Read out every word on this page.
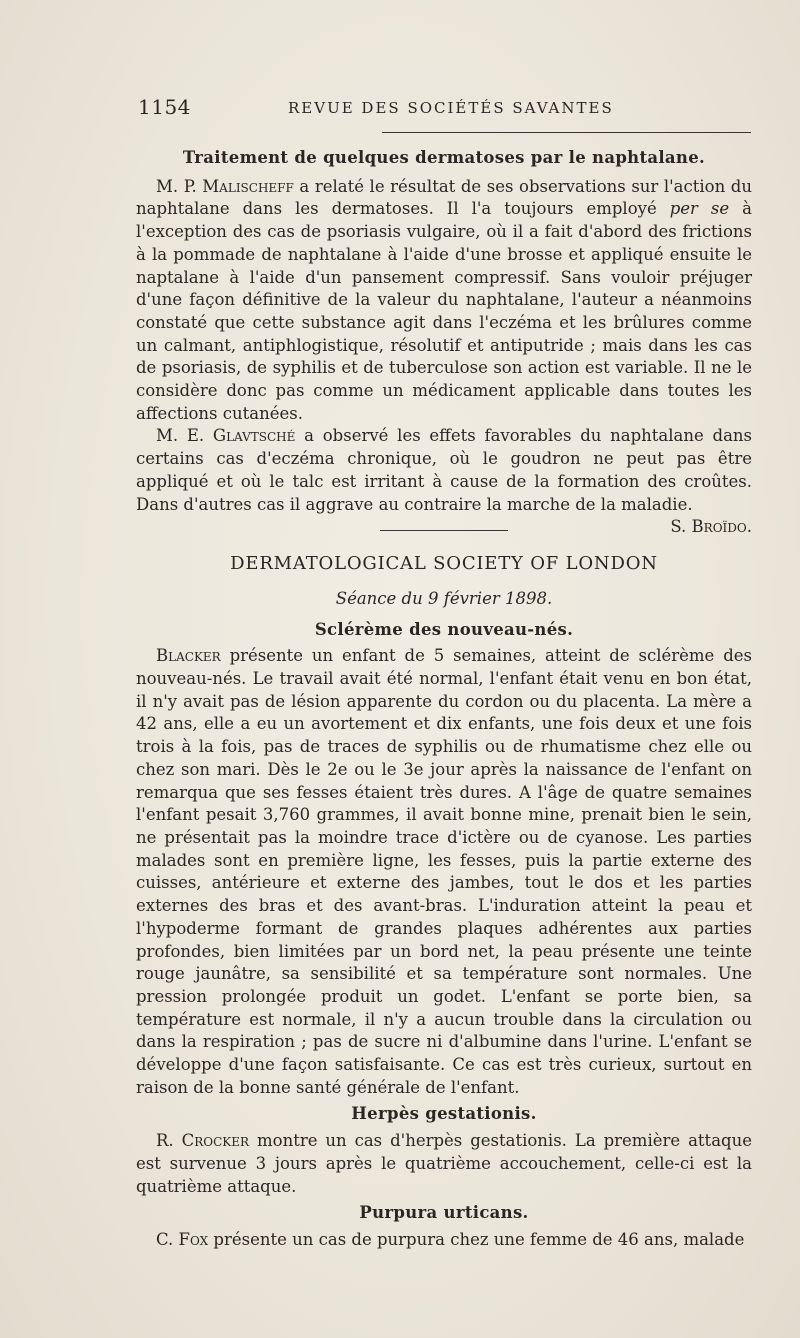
1154	REVUE DES SOCIÉTÉS SAVANTES
Traitement de quelques dermatoses par le naphtalane.

M. P. Malischeff a relaté le résultat de ses observations sur l'action du naphtalane dans les dermatoses. Il l'a toujours employé per se à l'exception des cas de psoriasis vulgaire, où il a fait d'abord des frictions à la pommade de naphtalane à l'aide d'une brosse et appliqué ensuite le naptalane à l'aide d'un pansement compressif. Sans vouloir préjuger d'une façon définitive de la valeur du naphtalane, l'auteur a néanmoins constaté que cette substance agit dans l'eczéma et les brûlures comme un calmant, antiphlogistique, résolutif et antiputride ; mais dans les cas de psoriasis, de syphilis et de tuberculose son action est variable. Il ne le considère donc pas comme un médicament applicable dans toutes les affections cutanées.

M. E. Glavtsché a observé les effets favorables du naphtalane dans certains cas d'eczéma chronique, où le goudron ne peut pas être appliqué et où le talc est irritant à cause de la formation des croûtes. Dans d'autres cas il aggrave au contraire la marche de la maladie.
S. Broïdo.

DERMATOLOGICAL SOCIETY OF LONDON
Séance du 9 février 1898.
Sclérème des nouveau-nés.

Blacker présente un enfant de 5 semaines, atteint de sclérème des nouveau-nés. Le travail avait été normal, l'enfant était venu en bon état, il n'y avait pas de lésion apparente du cordon ou du placenta. La mère a 42 ans, elle a eu un avortement et dix enfants, une fois deux et une fois trois à la fois, pas de traces de syphilis ou de rhumatisme chez elle ou chez son mari. Dès le 2e ou le 3e jour après la naissance de l'enfant on remarqua que ses fesses étaient très dures. A l'âge de quatre semaines l'enfant pesait 3,760 grammes, il avait bonne mine, prenait bien le sein, ne présentait pas la moindre trace d'ictère ou de cyanose. Les parties malades sont en première ligne, les fesses, puis la partie externe des cuisses, antérieure et externe des jambes, tout le dos et les parties externes des bras et des avant-bras. L'induration atteint la peau et l'hypoderme formant de grandes plaques adhérentes aux parties profondes, bien limitées par un bord net, la peau présente une teinte rouge jaunâtre, sa sensibilité et sa température sont normales. Une pression prolongée produit un godet. L'enfant se porte bien, sa température est normale, il n'y a aucun trouble dans la circulation ou dans la respiration ; pas de sucre ni d'albumine dans l'urine. L'enfant se développe d'une façon satisfaisante. Ce cas est très curieux, surtout en raison de la bonne santé générale de l'enfant.

Herpès gestationis.

R. Crocker montre un cas d'herpès gestationis. La première attaque est survenue 3 jours après le quatrième accouchement, celle-ci est la quatrième attaque.

Purpura urticans.

C. Fox présente un cas de purpura chez une femme de 46 ans, malade
